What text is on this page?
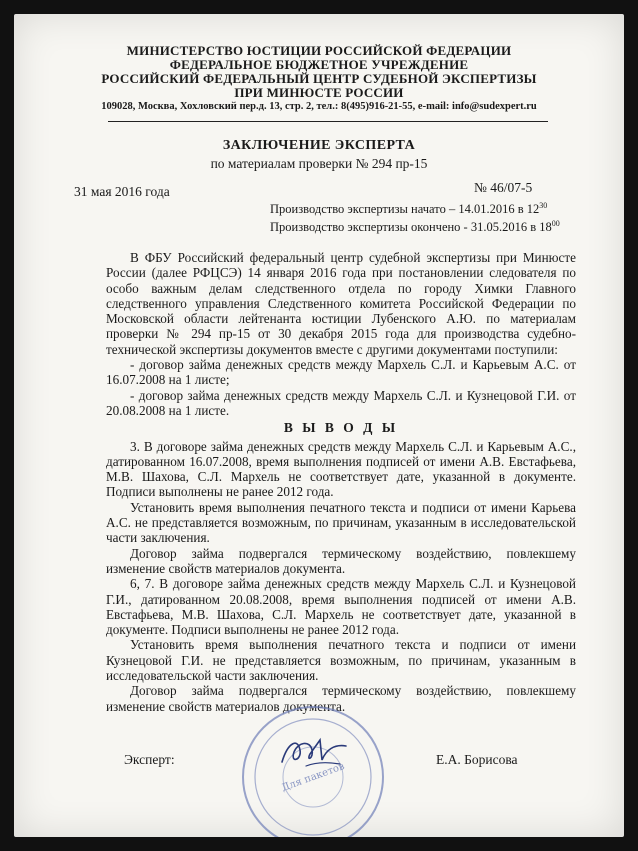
МИНИСТЕРСТВО ЮСТИЦИИ РОССИЙСКОЙ ФЕДЕРАЦИИ
ФЕДЕРАЛЬНОЕ БЮДЖЕТНОЕ УЧРЕЖДЕНИЕ
РОССИЙСКИЙ ФЕДЕРАЛЬНЫЙ ЦЕНТР СУДЕБНОЙ ЭКСПЕРТИЗЫ
ПРИ МИНЮСТЕ РОССИИ
109028, Москва, Хохловский пер.д. 13, стр. 2, тел.: 8(495)916-21-55, e-mail: info@sudexpert.ru
ЗАКЛЮЧЕНИЕ ЭКСПЕРТА
по материалам проверки № 294 пр-15
31 мая 2016 года	№ 46/07-5
Производство экспертизы начато – 14.01.2016 в $12^{30}$
Производство экспертизы окончено - 31.05.2016 в $18^{00}$

В ФБУ Российский федеральный центр судебной экспертизы при Минюсте России (далее РФЦСЭ) 14 января 2016 года при постановлении следователя по особо важным делам следственного отдела по городу Химки Главного следственного управления Следственного комитета Российской Федерации по Московской области лейтенанта юстиции Лубенского А.Ю. по материалам проверки № 294 пр-15 от 30 декабря 2015 года для производства судебно-технической экспертизы документов вместе с другими документами поступили:

- договор займа денежных средств между Мархель С.Л. и Карьевым А.С. от 16.07.2008 на 1 листе;

- договор займа денежных средств между Мархель С.Л. и Кузнецовой Г.И. от 20.08.2008 на 1 листе.

В Ы В О Д Ы

3. В договоре займа денежных средств между Мархель С.Л. и Карьевым А.С., датированном 16.07.2008, время выполнения подписей от имени А.В. Евстафьева, М.В. Шахова, С.Л. Мархель не соответствует дате, указанной в документе. Подписи выполнены не ранее 2012 года.

Установить время выполнения печатного текста и подписи от имени Карьева А.С. не представляется возможным, по причинам, указанным в исследовательской части заключения.

Договор займа подвергался термическому воздействию, повлекшему изменение свойств материалов документа.

6, 7. В договоре займа денежных средств между Мархель С.Л. и Кузнецовой Г.И., датированном 20.08.2008, время выполнения подписей от имени А.В. Евстафьева, М.В. Шахова, С.Л. Мархель не соответствует дате, указанной в документе. Подписи выполнены не ранее 2012 года.

Установить время выполнения печатного текста и подписи от имени Кузнецовой Г.И. не представляется возможным, по причинам, указанным в исследовательской части заключения.

Договор займа подвергался термическому воздействию, повлекшему изменение свойств материалов документа.

Для пакетов
Эксперт:	Е.А. Борисова
